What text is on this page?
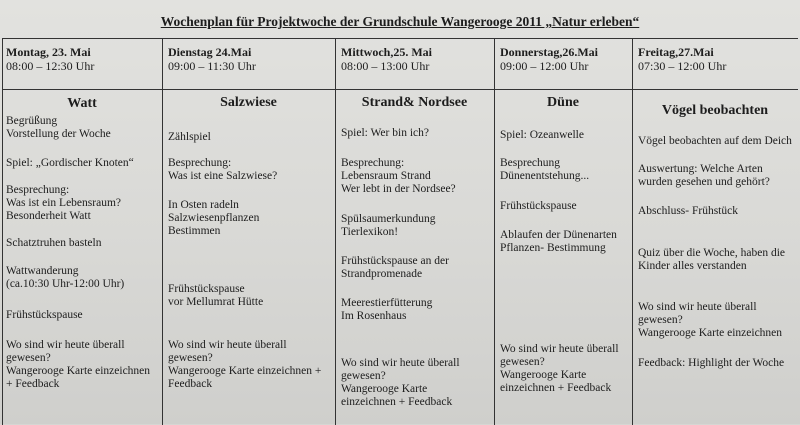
Wochenplan für Projektwoche der Grundschule Wangerooge 2011 „Natur erleben“
Montag, 23. Mai
08:00 – 12:30 Uhr
Watt
Begrüßung
Vorstellung der Woche
Spiel: „Gordischer Knoten“
Besprechung:
Was ist ein Lebensraum?
Besonderheit Watt
Schatztruhen basteln
Wattwanderung
(ca.10:30 Uhr-12:00 Uhr)
Frühstückspause
Wo sind wir heute überall
gewesen?
Wangerooge Karte einzeichnen
+ Feedback
Dienstag 24.Mai
09:00 – 11:30 Uhr
Salzwiese
Zählspiel
Besprechung:
Was ist eine Salzwiese?
In Osten radeln
Salzwiesenpflanzen
Bestimmen
Frühstückspause
vor Mellumrat Hütte
Wo sind wir heute überall
gewesen?
Wangerooge Karte einzeichnen +
Feedback
Mittwoch,25. Mai
08:00 – 13:00 Uhr
Strand& Nordsee
Spiel: Wer bin ich?
Besprechung:
Lebensraum Strand
Wer lebt in der Nordsee?
Spülsaumerkundung
Tierlexikon!
Frühstückspause an der
Strandpromenade
Meerestierfütterung
Im Rosenhaus
Wo sind wir heute überall
gewesen?
Wangerooge Karte
einzeichnen + Feedback
Donnerstag,26.Mai
09:00 – 12:00 Uhr
Düne
Spiel: Ozeanwelle
Besprechung
Dünenentstehung...
Frühstückspause
Ablaufen der Dünenarten
Pflanzen- Bestimmung
Wo sind wir heute überall
gewesen?
Wangerooge Karte
einzeichnen + Feedback
Freitag,27.Mai
07:30 – 12:00 Uhr
Vögel beobachten
Vögel beobachten auf dem Deich
Auswertung: Welche Arten
wurden gesehen und gehört?
Abschluss- Frühstück
Quiz über die Woche, haben die
Kinder alles verstanden
Wo sind wir heute überall
gewesen?
Wangerooge Karte einzeichnen
Feedback: Highlight der Woche
